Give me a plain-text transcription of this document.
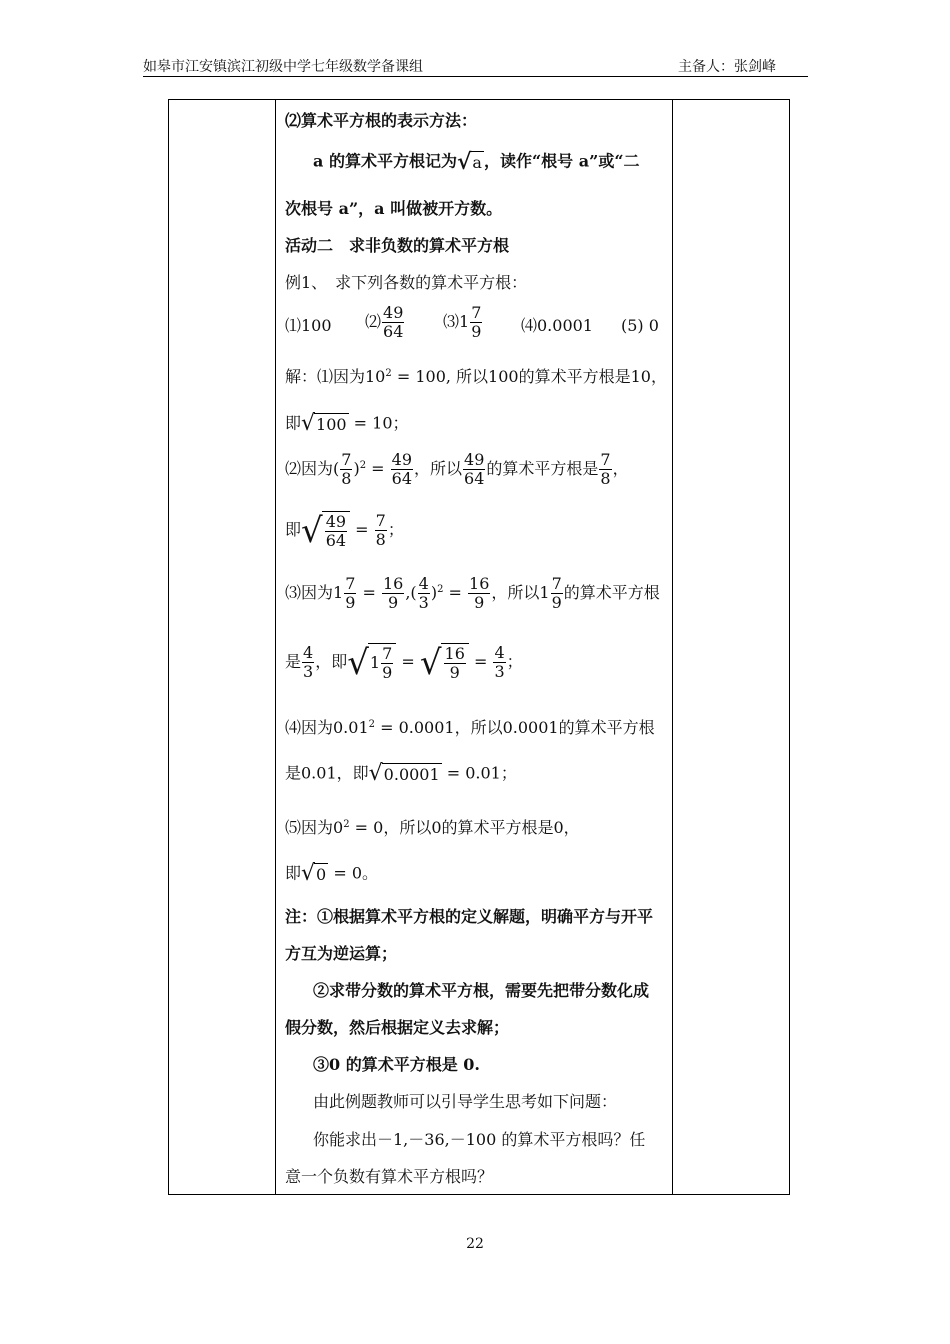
如皋市江安镇滨江初级中学七年级数学备课组	主备人：张剑峰
⑵算术平方根的表示方法：
a 的算术平方根记为√a ，读作“根号 a”或“二
次根号 a”，a 叫做被开方数。
活动二　求非负数的算术平方根
例1、　求下列各数的算术平方根：
⑴100 ⑵ $\frac{49}{64}$ ⑶1 $\frac{7}{9}$ ⑷0.0001 (5) 0
解：⑴因为$10^2 = 100$, 所以100的算术平方根是10，
即√100 = 10；
⑵因为( $\frac{7}{8} )^2 = \frac{49}{64}$ ，所以 $\frac{49}{64}$ 的算术平方根是 $\frac{7}{8}$ ，
即√ $\frac{49}{64} = \frac{7}{8}$ ；
⑶因为$1 \frac{7}{9} = \frac{16}{9}$ ,( $\frac{4}{3} )^2 = \frac{16}{9}$ ，所以$1 \frac{7}{9}$ 的算术平方根
是 $\frac{4}{3}$ ，即$√1 \frac{7}{9}$ = √ $\frac{16}{9} = \frac{4}{3}$ ；
⑷因为$0.01^2 = 0.0001$，所以0.0001的算术平方根
是0.01，即√0.0001 = 0.01；
⑸因为$0^2 = 0$，所以0的算术平方根是0，
即√0 = 0。
注：①根据算术平方根的定义解题，明确平方与开平
方互为逆运算；
②求带分数的算术平方根，需要先把带分数化成
假分数，然后根据定义去求解；
③0 的算术平方根是 0.
由此例题教师可以引导学生思考如下问题：
你能求出－1,－36,－100 的算术平方根吗？任
意一个负数有算术平方根吗？
22
